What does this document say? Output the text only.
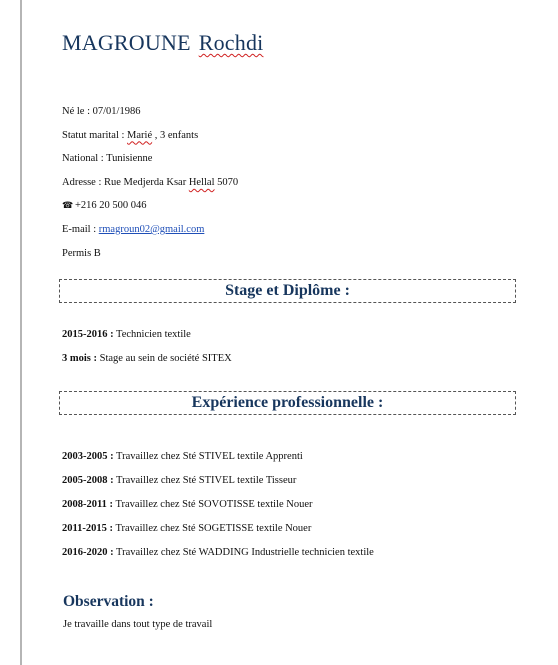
MAGROUNE Rochdi
Né le : 07/01/1986
Statut marital : Marié , 3 enfants
National : Tunisienne
Adresse : Rue Medjerda Ksar Hellal 5070
☎ +216 20 500 046
E-mail : rmagroun02@gmail.com
Permis B
Stage et Diplôme :
2015-2016 : Technicien textile
3 mois : Stage au sein de société SITEX
Expérience professionnelle :
2003-2005 : Travaillez chez Sté STIVEL textile Apprenti
2005-2008 : Travaillez chez Sté STIVEL textile Tisseur
2008-2011 : Travaillez chez Sté SOVOTISSE textile Nouer
2011-2015 : Travaillez chez Sté SOGETISSE textile Nouer
2016-2020 : Travaillez chez Sté WADDING Industrielle technicien textile
Observation :
Je travaille dans tout type de travail
